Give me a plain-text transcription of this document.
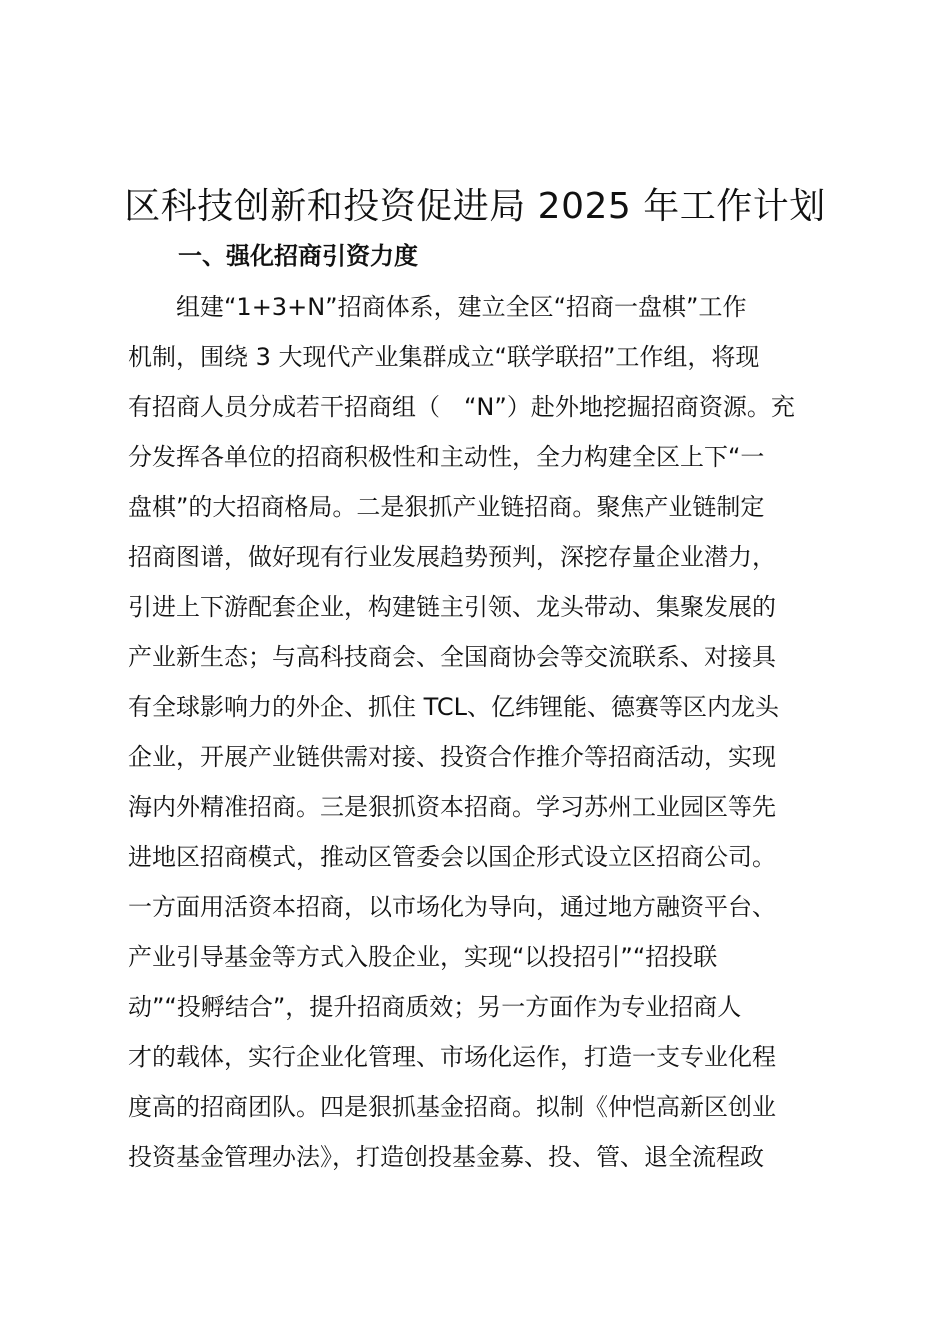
区科技创新和投资促进局 2025 年工作计划
一、强化招商引资力度
组建“1+3+N”招商体系，建立全区“招商一盘棋”工作
机制，围绕 3 大现代产业集群成立“联学联招”工作组，将现
有招商人员分成若干招商组（　“N”）赴外地挖掘招商资源。充
分发挥各单位的招商积极性和主动性，全力构建全区上下“一
盘棋”的大招商格局。二是狠抓产业链招商。聚焦产业链制定
招商图谱，做好现有行业发展趋势预判，深挖存量企业潜力，
引进上下游配套企业，构建链主引领、龙头带动、集聚发展的
产业新生态；与高科技商会、全国商协会等交流联系、对接具
有全球影响力的外企、抓住 TCL、亿纬锂能、德赛等区内龙头
企业，开展产业链供需对接、投资合作推介等招商活动，实现
海内外精准招商。三是狠抓资本招商。学习苏州工业园区等先
进地区招商模式，推动区管委会以国企形式设立区招商公司。
一方面用活资本招商，以市场化为导向，通过地方融资平台、
产业引导基金等方式入股企业，实现“以投招引”“招投联
动”“投孵结合”，提升招商质效；另一方面作为专业招商人
才的载体，实行企业化管理、市场化运作，打造一支专业化程
度高的招商团队。四是狠抓基金招商。拟制《仲恺高新区创业
投资基金管理办法》，打造创投基金募、投、管、退全流程政
